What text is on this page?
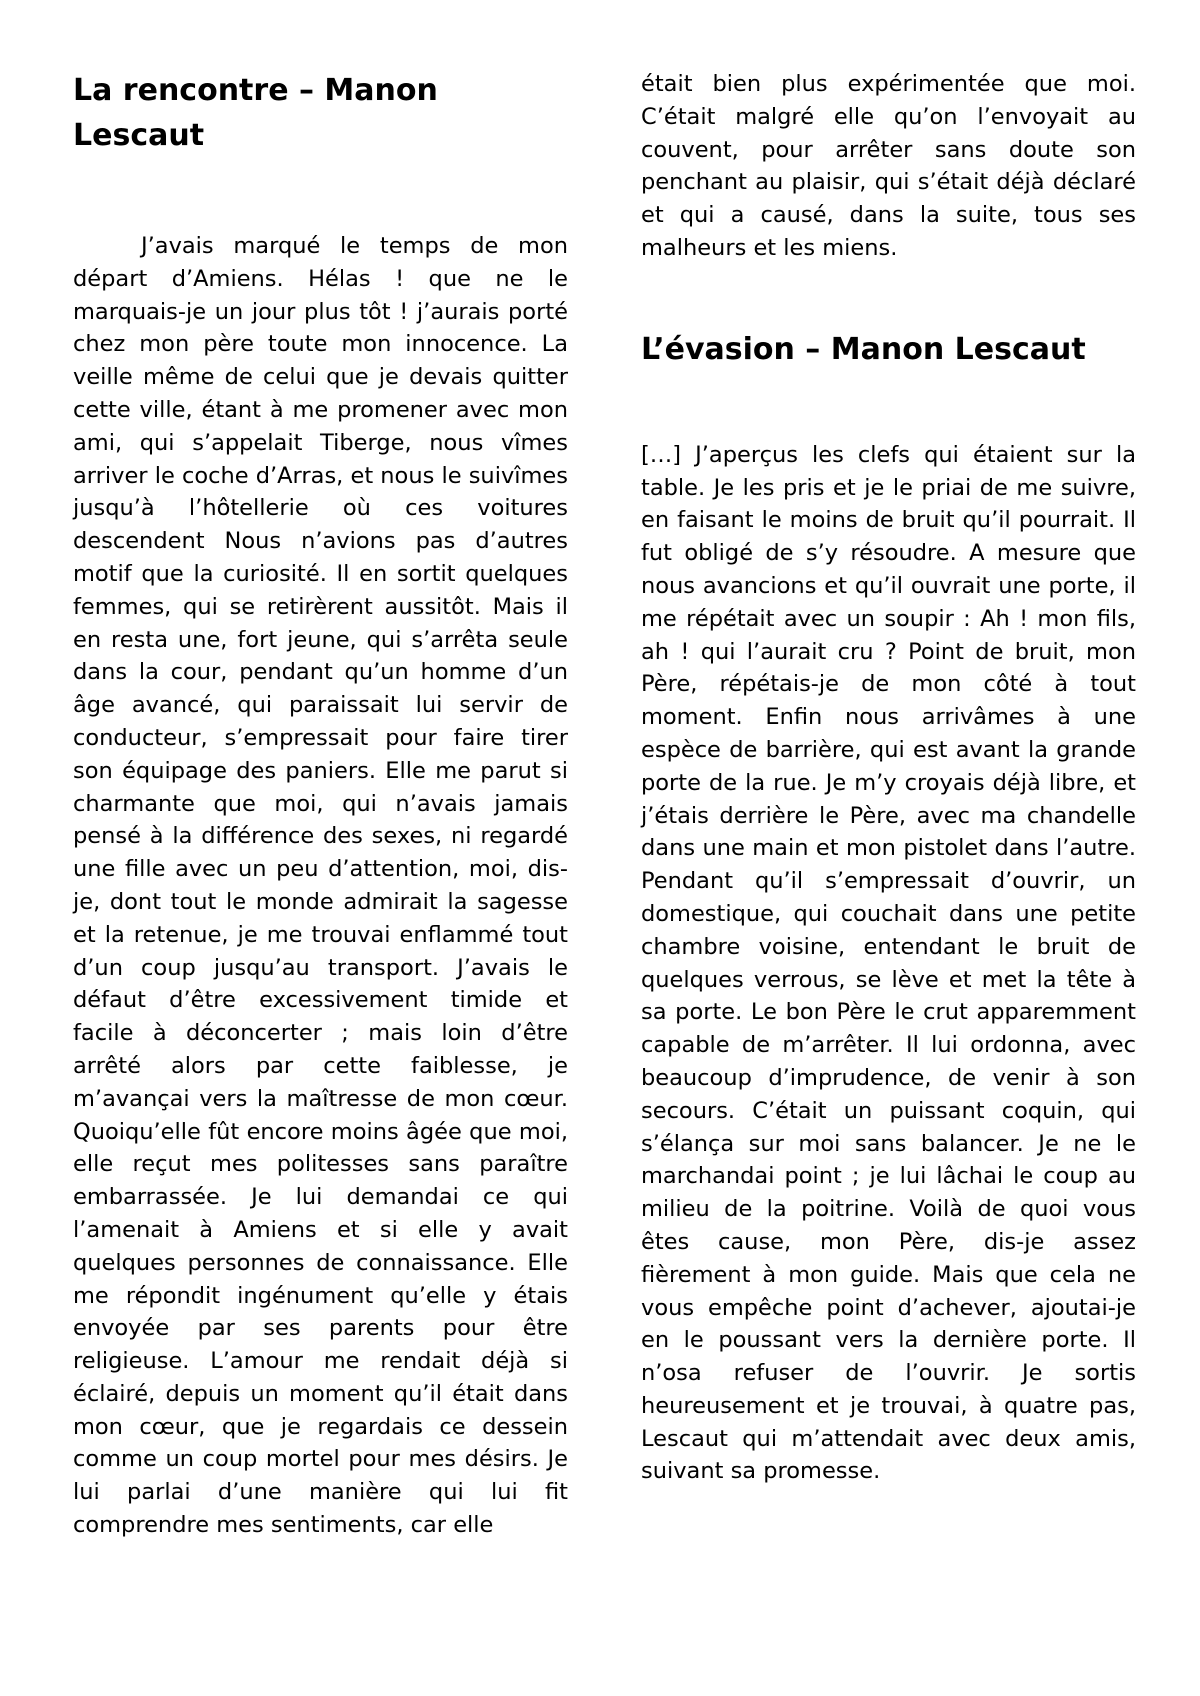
La rencontre – Manon Lescaut

J’avais marqué le temps de mon départ d’Amiens. Hélas ! que ne le marquais-je un jour plus tôt ! j’aurais porté chez mon père toute mon innocence. La veille même de celui que je devais quitter cette ville, étant à me promener avec mon ami, qui s’appelait Tiberge, nous vîmes arriver le coche d’Arras, et nous le suivîmes jusqu’à l’hôtellerie où ces voitures descendent Nous n’avions pas d’autres motif que la curiosité. Il en sortit quelques femmes, qui se retirèrent aussitôt. Mais il en resta une, fort jeune, qui s’arrêta seule dans la cour, pendant qu’un homme d’un âge avancé, qui paraissait lui servir de conducteur, s’empressait pour faire tirer son équipage des paniers. Elle me parut si charmante que moi, qui n’avais jamais pensé à la différence des sexes, ni regardé une fille avec un peu d’attention, moi, dis-je, dont tout le monde admirait la sagesse et la retenue, je me trouvai enflammé tout d’un coup jusqu’au transport. J’avais le défaut d’être excessivement timide et facile à déconcerter ; mais loin d’être arrêté alors par cette faiblesse, je m’avançai vers la maîtresse de mon cœur. Quoiqu’elle fût encore moins âgée que moi, elle reçut mes politesses sans paraître embarrassée. Je lui demandai ce qui l’amenait à Amiens et si elle y avait quelques personnes de connaissance. Elle me répondit ingénument qu’elle y étais envoyée par ses parents pour être religieuse. L’amour me rendait déjà si éclairé, depuis un moment qu’il était dans mon cœur, que je regardais ce dessein comme un coup mortel pour mes désirs. Je lui parlai d’une manière qui lui fit comprendre mes sentiments, car elle

était bien plus expérimentée que moi. C’était malgré elle qu’on l’envoyait au couvent, pour arrêter sans doute son penchant au plaisir, qui s’était déjà déclaré et qui a causé, dans la suite, tous ses malheurs et les miens.

L’évasion – Manon Lescaut

[…] J’aperçus les clefs qui étaient sur la table. Je les pris et je le priai de me suivre, en faisant le moins de bruit qu’il pourrait. Il fut obligé de s’y résoudre. A mesure que nous avancions et qu’il ouvrait une porte, il me répétait avec un soupir : Ah ! mon fils, ah ! qui l’aurait cru ? Point de bruit, mon Père, répétais-je de mon côté à tout moment. Enfin nous arrivâmes à une espèce de barrière, qui est avant la grande porte de la rue. Je m’y croyais déjà libre, et j’étais derrière le Père, avec ma chandelle dans une main et mon pistolet dans l’autre. Pendant qu’il s’empressait d’ouvrir, un domestique, qui couchait dans une petite chambre voisine, entendant le bruit de quelques verrous, se lève et met la tête à sa porte. Le bon Père le crut apparemment capable de m’arrêter. Il lui ordonna, avec beaucoup d’imprudence, de venir à son secours. C’était un puissant coquin, qui s’élança sur moi sans balancer. Je ne le marchandai point ; je lui lâchai le coup au milieu de la poitrine. Voilà de quoi vous êtes cause, mon Père, dis-je assez fièrement à mon guide. Mais que cela ne vous empêche point d’achever, ajoutai-je en le poussant vers la dernière porte. Il n’osa refuser de l’ouvrir. Je sortis heureusement et je trouvai, à quatre pas, Lescaut qui m’attendait avec deux amis, suivant sa promesse.
